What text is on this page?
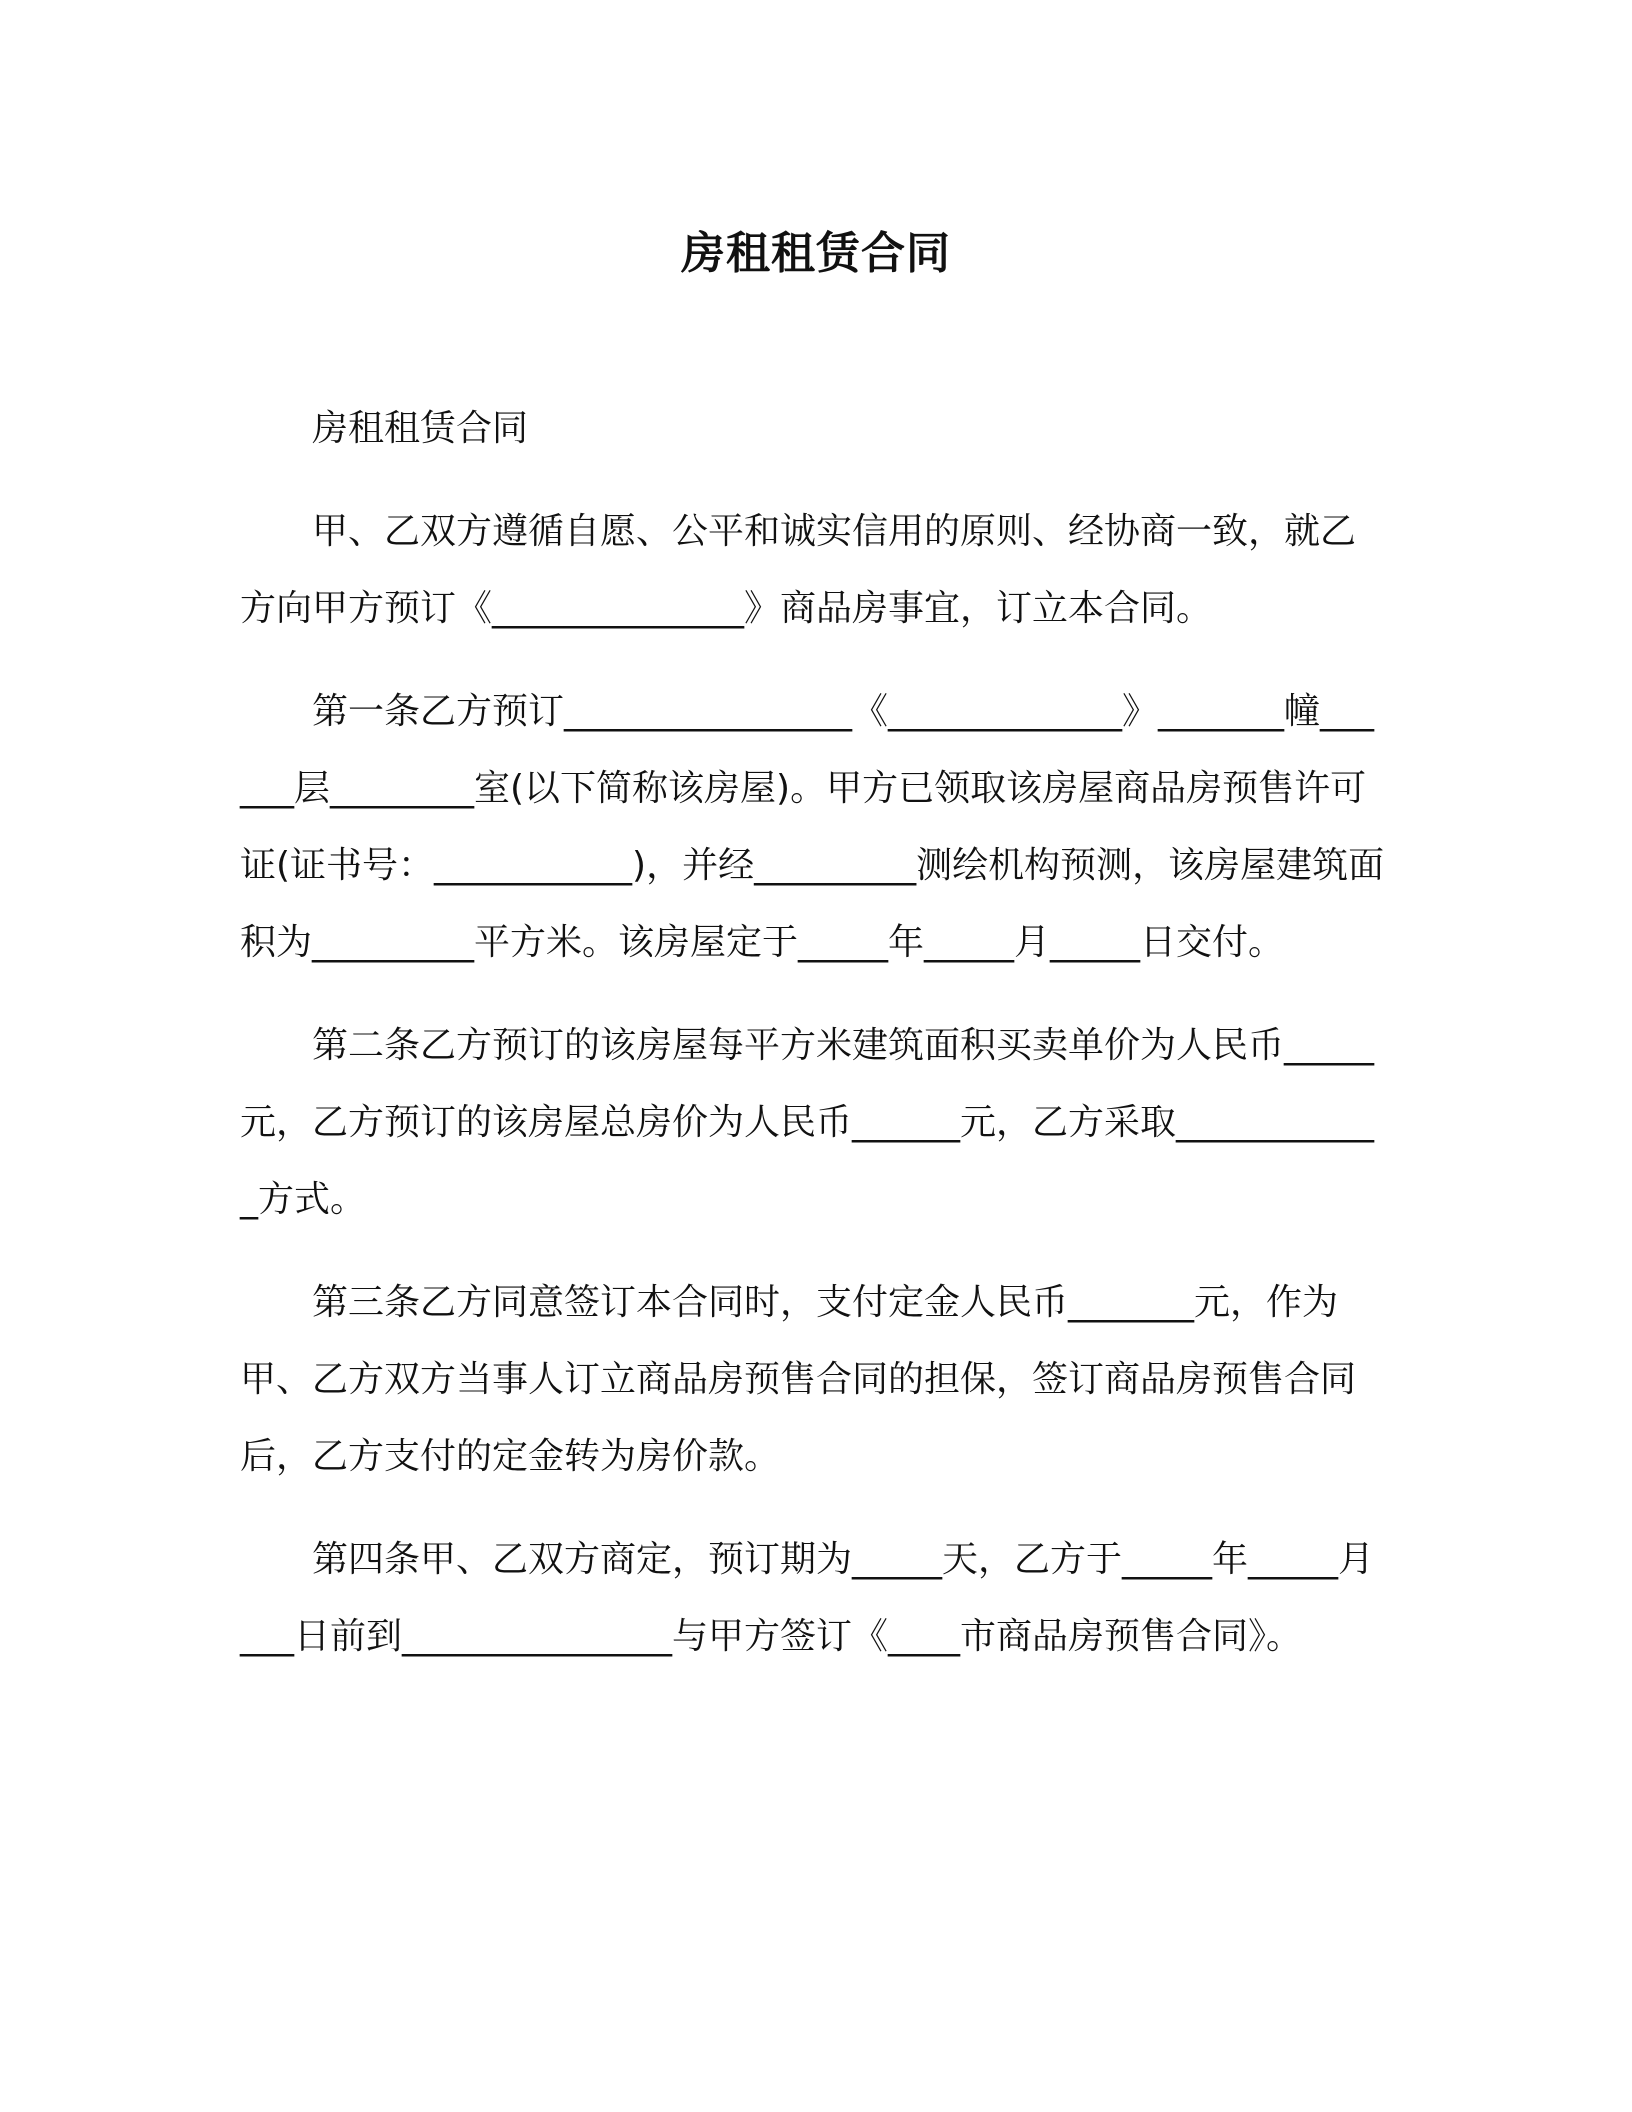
房租租赁合同

房租租赁合同

甲、乙双方遵循自愿、公平和诚实信用的原则、经协商一致，就乙方向甲方预订《______________》商品房事宜，订立本合同。

第一条乙方预订________________《_____________》_______幢______层________室(以下简称该房屋)。甲方已领取该房屋商品房预售许可证(证书号：___________)，并经_________测绘机构预测，该房屋建筑面积为_________平方米。该房屋定于_____年_____月_____日交付。

第二条乙方预订的该房屋每平方米建筑面积买卖单价为人民币_____元，乙方预订的该房屋总房价为人民币______元，乙方采取____________方式。

第三条乙方同意签订本合同时，支付定金人民币_______元，作为甲、乙方双方当事人订立商品房预售合同的担保，签订商品房预售合同后，乙方支付的定金转为房价款。

第四条甲、乙双方商定，预订期为_____天，乙方于_____年_____月___日前到_______________与甲方签订《____市商品房预售合同》。
